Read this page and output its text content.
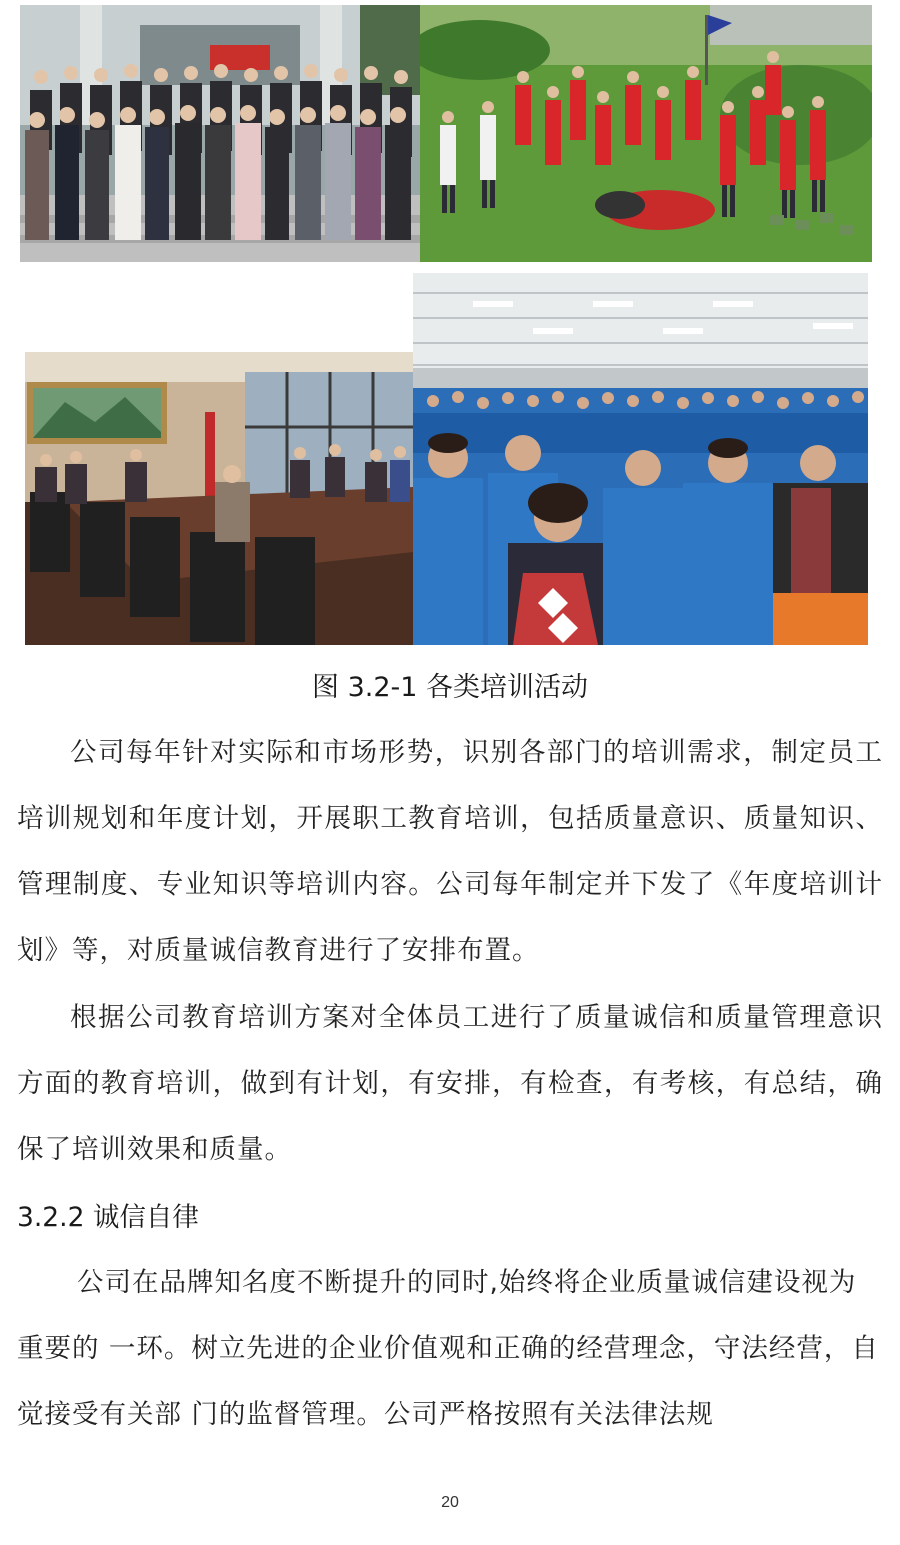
图 3.2-1 各类培训活动

公司每年针对实际和市场形势，识别各部门的培训需求，制定员工培训规划和年度计划，开展职工教育培训，包括质量意识、质量知识、管理制度、专业知识等培训内容。公司每年制定并下发了《年度培训计划》等，对质量诚信教育进行了安排布置。

根据公司教育培训方案对全体员工进行了质量诚信和质量管理意识方面的教育培训，做到有计划，有安排，有检查，有考核，有总结，确保了培训效果和质量。

3.2.2 诚信自律

公司在品牌知名度不断提升的同时,始终将企业质量诚信建设视为重要的 一环。树立先进的企业价值观和正确的经营理念，守法经营，自觉接受有关部 门的监督管理。公司严格按照有关法律法规

20
